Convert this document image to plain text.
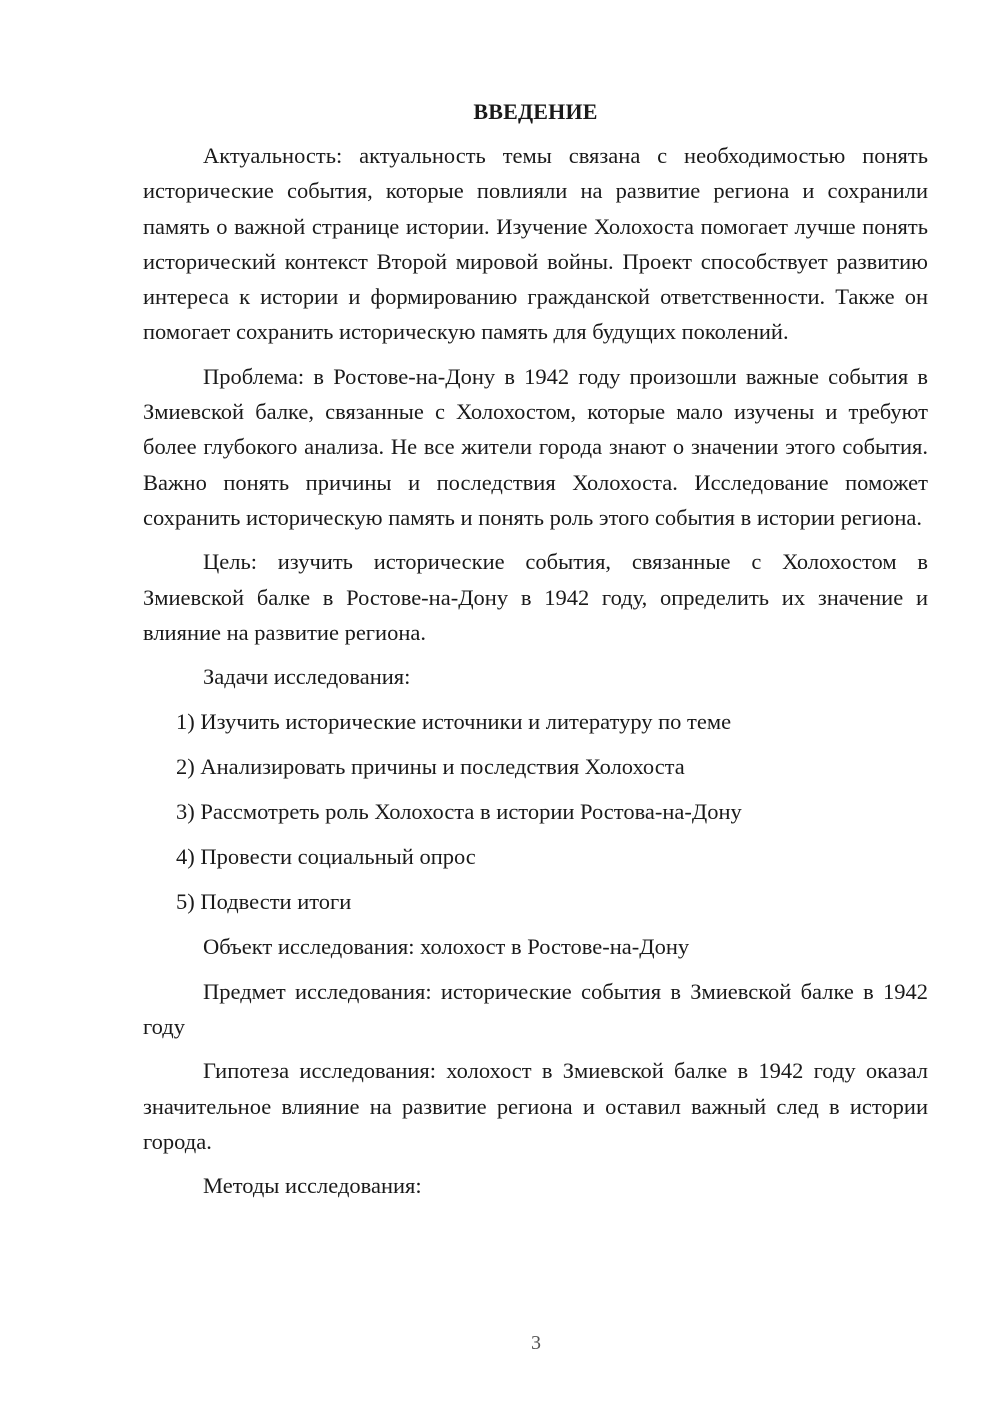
ВВЕДЕНИЕ

Актуальность: актуальность темы связана с необходимостью понять исторические события, которые повлияли на развитие региона и сохранили память о важной странице истории. Изучение Холохоста помогает лучше понять исторический контекст Второй мировой войны. Проект способствует развитию интереса к истории и формированию гражданской ответственности. Также он помогает сохранить историческую память для будущих поколений.

Проблема: в Ростове-на-Дону в 1942 году произошли важные события в Змиевской балке, связанные с Холохостом, которые мало изучены и требуют более глубокого анализа. Не все жители города знают о значении этого события. Важно понять причины и последствия Холохоста. Исследование поможет сохранить историческую память и понять роль этого события в истории региона.

Цель: изучить исторические события, связанные с Холохостом в Змиевской балке в Ростове-на-Дону в 1942 году, определить их значение и влияние на развитие региона.

Задачи исследования:

1) Изучить исторические источники и литературу по теме

2) Анализировать причины и последствия Холохоста

3) Рассмотреть роль Холохоста в истории Ростова-на-Дону

4) Провести социальный опрос

5) Подвести итоги

Объект исследования: холохост в Ростове-на-Дону

Предмет исследования: исторические события в Змиевской балке в 1942 году

Гипотеза исследования: холохост в Змиевской балке в 1942 году оказал значительное влияние на развитие региона и оставил важный след в истории города.

Методы исследования:

3
